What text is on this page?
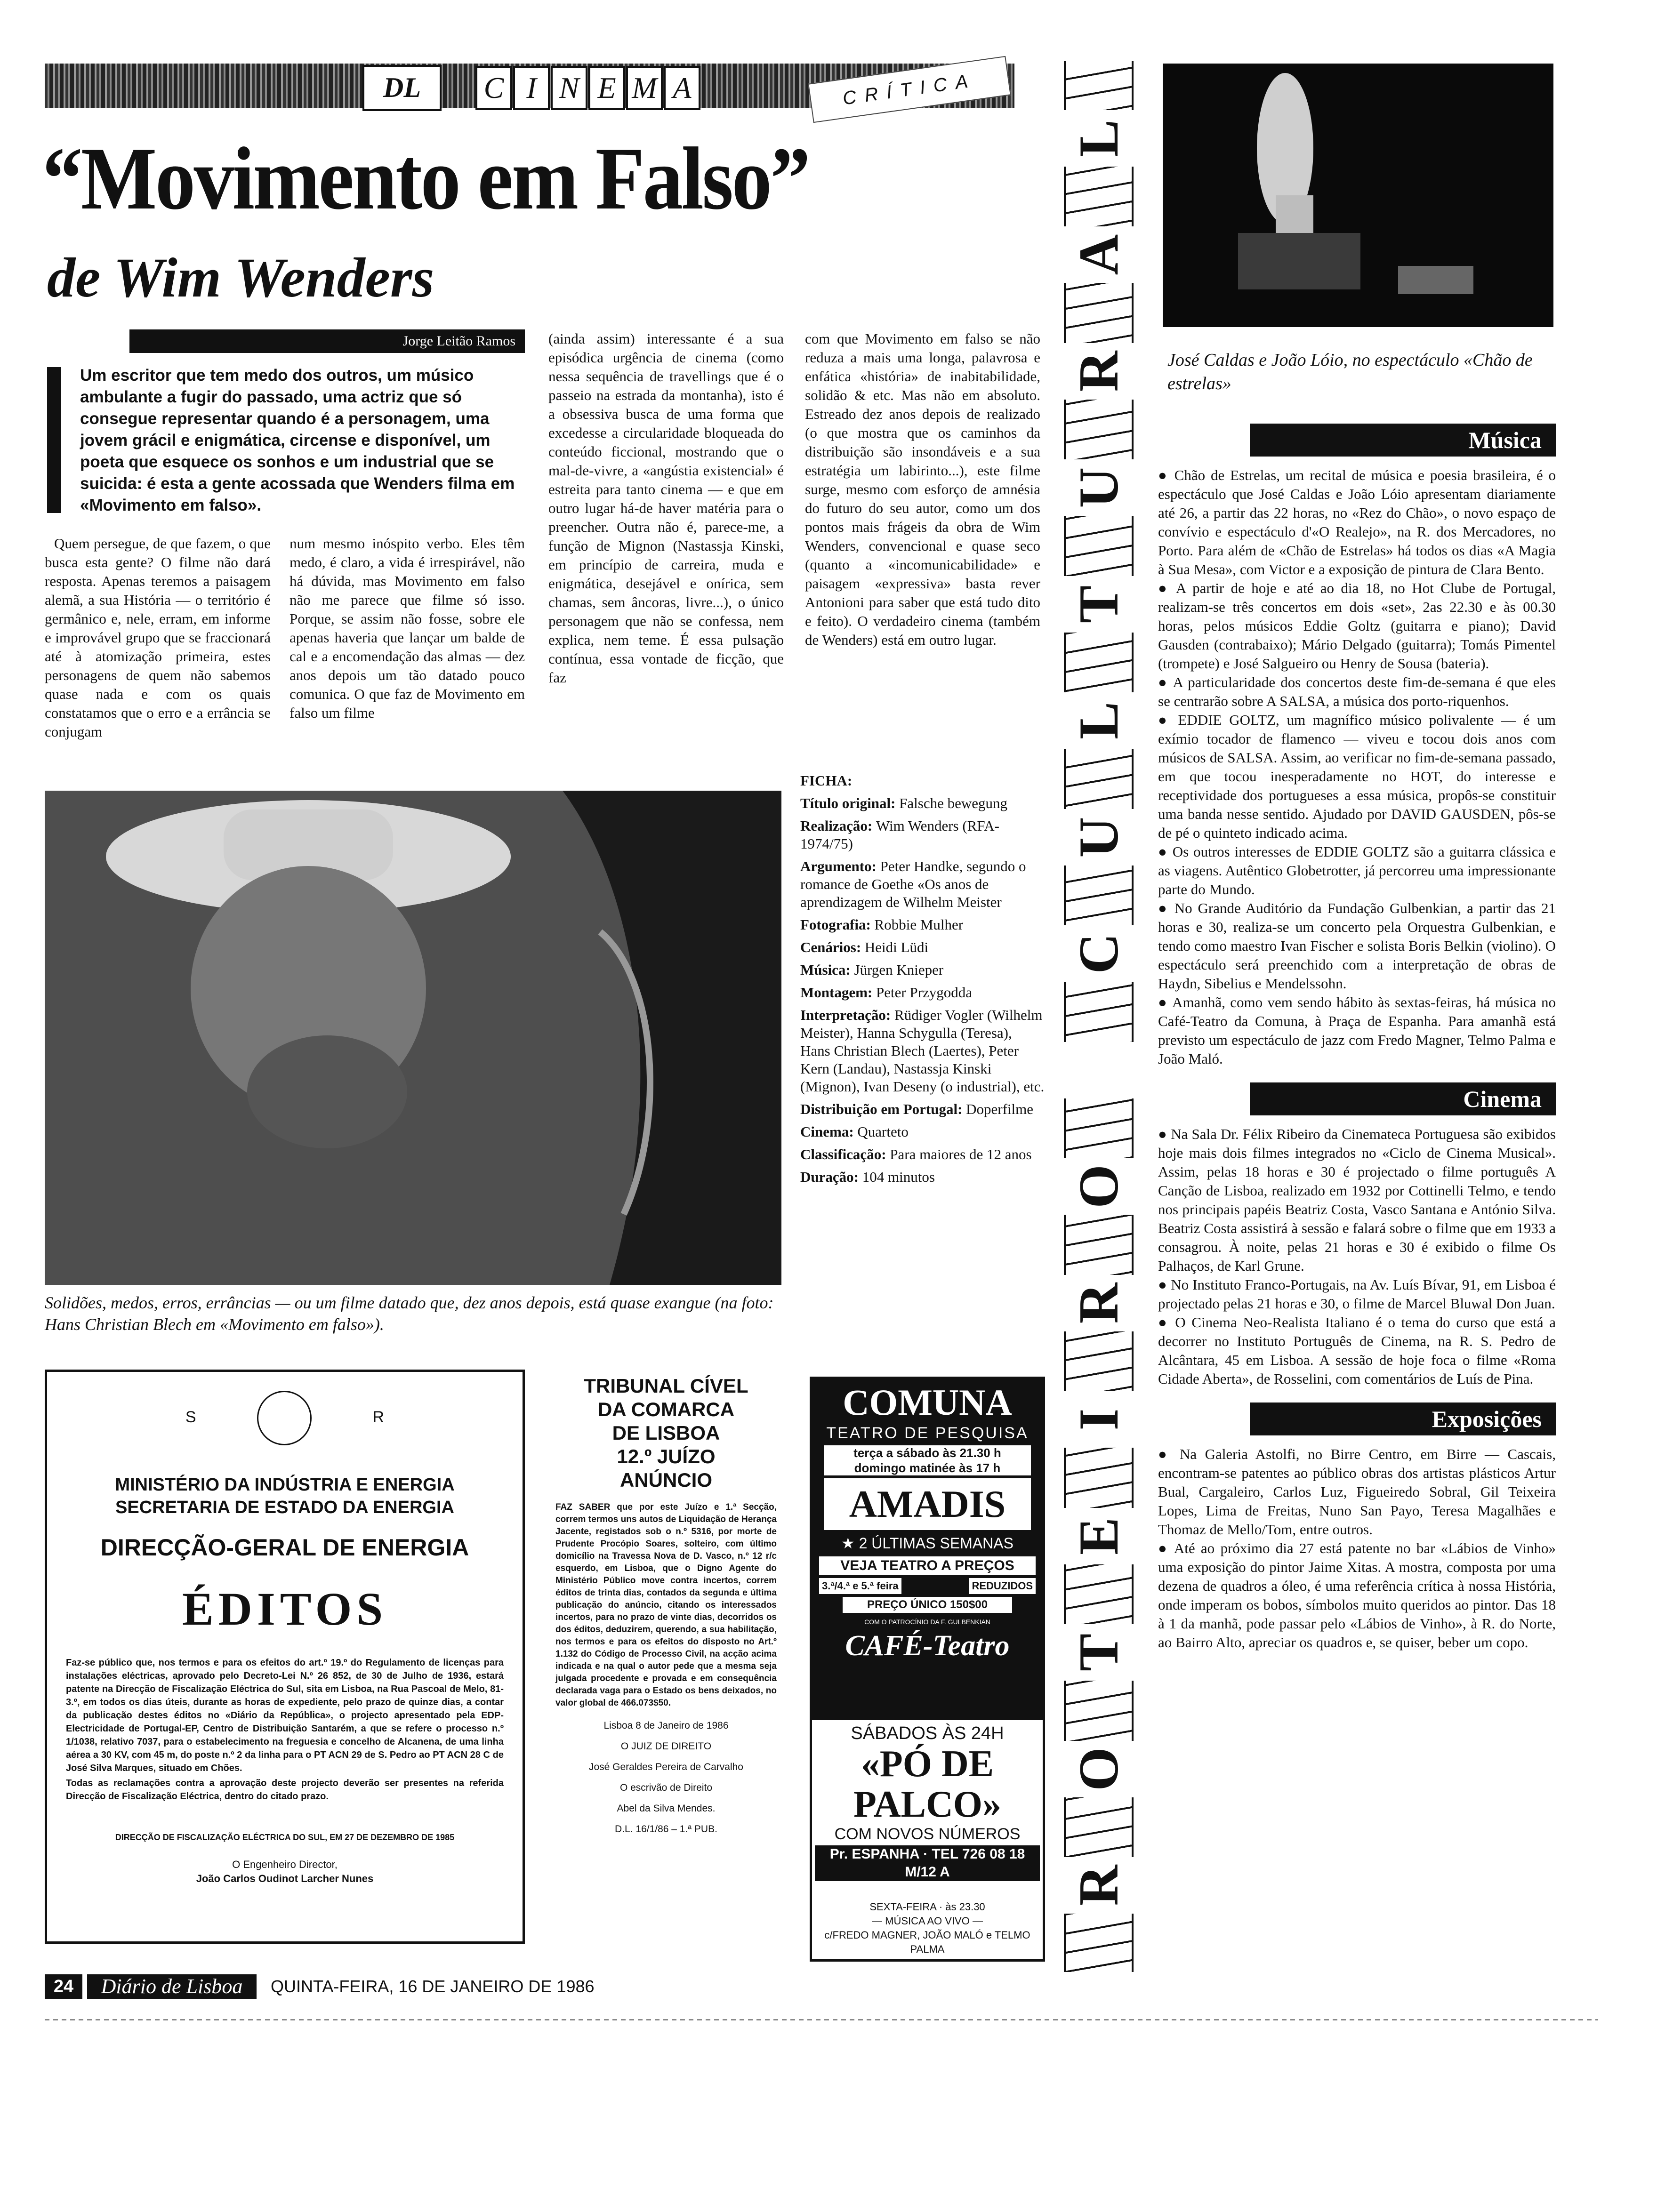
DL	C I N E M A	CRÍTICA
“Movimento em Falso”
de Wim Wenders
Jorge Leitão Ramos
Um escritor que tem medo dos outros, um músico ambulante a fugir do passado, uma actriz que só consegue representar quando é a personagem, uma jovem grácil e enigmática, circense e disponível, um poeta que esquece os sonhos e um industrial que se suicida: é esta a gente acossada que Wenders filma em «Movimento em falso».

Quem persegue, de que fazem, o que busca esta gente? O filme não dará resposta. Apenas teremos a paisagem alemã, a sua História — o território é germânico e, nele, erram, em informe e improvável grupo que se fraccionará até à atomização primeira, estes personagens de quem não sabemos quase nada e com os quais constatamos que o erro e a errância se conjugam

num mesmo inóspito verbo. Eles têm medo, é claro, a vida é irrespirável, não há dúvida, mas Movimento em falso não me parece que filme só isso. Porque, se assim não fosse, sobre ele apenas haveria que lançar um balde de cal e a encomendação das almas — dez anos depois um tão datado pouco comunica. O que faz de Movimento em falso um filme

(ainda assim) interessante é a sua episódica urgência de cinema (como nessa sequência de travellings que é o passeio na estrada da montanha), isto é a obsessiva busca de uma forma que excedesse a circularidade bloqueada do conteúdo ficcional, mostrando que o mal-de-vivre, a «angústia existencial» é estreita para tanto cinema — e que em outro lugar há-de haver matéria para o preencher. Outra não é, parece-me, a função de Mignon (Nastassja Kinski, em princípio de carreira, muda e enigmática, desejável e onírica, sem chamas, sem âncoras, livre...), o único personagem que não se confessa, nem explica, nem teme. É essa pulsação contínua, essa vontade de ficção, que faz

com que Movimento em falso se não reduza a mais uma longa, palavrosa e enfática «história» de inabitabilidade, solidão & etc. Mas não em absoluto. Estreado dez anos depois de realizado (o que mostra que os caminhos da distribuição são insondáveis e a sua estratégia um labirinto...), este filme surge, mesmo com esforço de amnésia do futuro do seu autor, como um dos pontos mais frágeis da obra de Wim Wenders, convencional e quase seco (quanto a «incomunicabilidade» e paisagem «expressiva» basta rever Antonioni para saber que está tudo dito e feito). O verdadeiro cinema (também de Wenders) está em outro lugar.

Solidões, medos, erros, errâncias — ou um filme datado que, dez anos depois, está quase exangue (na foto: Hans Christian Blech em «Movimento em falso»).
FICHA:
Título original: Falsche bewegung
Realização: Wim Wenders (RFA-1974/75)
Argumento: Peter Handke, segundo o romance de Goethe «Os anos de aprendizagem de Wilhelm Meister
Fotografia: Robbie Mulher
Cenários: Heidi Lüdi
Música: Jürgen Knieper
Montagem: Peter Przygodda
Interpretação: Rüdiger Vogler (Wilhelm Meister), Hanna Schygulla (Teresa), Hans Christian Blech (Laertes), Peter Kern (Landau), Nastassja Kinski (Mignon), Ivan Deseny (o industrial), etc.
Distribuição em Portugal: Doperfilme
Cinema: Quarteto
Classificação: Para maiores de 12 anos
Duração: 104 minutos
S	R
MINISTÉRIO DA INDÚSTRIA E ENERGIA
SECRETARIA DE ESTADO DA ENERGIA
DIRECÇÃO-GERAL DE ENERGIA
ÉDITOS
Faz-se público que, nos termos e para os efeitos do art.º 19.º do Regulamento de licenças para instalações eléctricas, aprovado pelo Decreto-Lei N.º 26 852, de 30 de Julho de 1936, estará patente na Direcção de Fiscalização Eléctrica do Sul, sita em Lisboa, na Rua Pascoal de Melo, 81-3.º, em todos os dias úteis, durante as horas de expediente, pelo prazo de quinze dias, a contar da publicação destes éditos no «Diário da República», o projecto apresentado pela EDP-Electricidade de Portugal-EP, Centro de Distribuição Santarém, a que se refere o processo n.º 1/1038, relativo 7037, para o estabelecimento na freguesia e concelho de Alcanena, de uma linha aérea a 30 KV, com 45 m, do poste n.º 2 da linha para o PT ACN 29 de S. Pedro ao PT ACN 28 C de José Silva Marques, situado em Chões.
Todas as reclamações contra a aprovação deste projecto deverão ser presentes na referida Direcção de Fiscalização Eléctrica, dentro do citado prazo.
DIRECÇÃO DE FISCALIZAÇÃO ELÉCTRICA DO SUL, EM 27 DE DEZEMBRO DE 1985
O Engenheiro Director,
João Carlos Oudinot Larcher Nunes
TRIBUNAL CÍVEL
DA COMARCA
DE LISBOA
12.º JUÍZO
ANÚNCIO
FAZ SABER que por este Juízo e 1.ª Secção, correm termos uns autos de Liquidação de Herança Jacente, registados sob o n.º 5316, por morte de Prudente Procópio Soares, solteiro, com último domicílio na Travessa Nova de D. Vasco, n.º 12 r/c esquerdo, em Lisboa, que o Digno Agente do Ministério Público move contra incertos, correm éditos de trinta dias, contados da segunda e última publicação do anúncio, citando os interessados incertos, para no prazo de vinte dias, decorridos os dos éditos, deduzirem, querendo, a sua habilitação, nos termos e para os efeitos do disposto no Art.º 1.132 do Código de Processo Civil, na acção acima indicada e na qual o autor pede que a mesma seja julgada procedente e provada e em consequência declarada vaga para o Estado os bens deixados, no valor global de 466.073$50.
Lisboa 8 de Janeiro de 1986
O JUIZ DE DIREITO
José Geraldes Pereira de Carvalho
O escrivão de Direito
Abel da Silva Mendes.
D.L. 16/1/86 – 1.ª PUB.
COMUNA
TEATRO DE PESQUISA
terça a sábado às 21.30 h
domingo matinée às 17 h
AMADIS
★ 2 ÚLTIMAS SEMANAS
VEJA TEATRO A PREÇOS
3.ª/4.ª e 5.ª feira	REDUZIDOS
PREÇO ÚNICO 150$00
COM O PATROCÍNIO DA F. GULBENKIAN
CAFÉ-Teatro
SÁBADOS ÀS 24H
«PÓ DE PALCO»
COM NOVOS NÚMEROS
Pr. ESPANHA · TEL 726 08 18
M/12 A
SEXTA-FEIRA · às 23.30
— MÚSICA AO VIVO —
c/FREDO MAGNER, JOÃO MALÓ e TELMO PALMA
R
O
T
E
I
R
O
C
U
L
T
U
R
A
L
José Caldas e João Lóio, no espectáculo «Chão de estrelas»
Música

● Chão de Estrelas, um recital de música e poesia brasileira, é o espectáculo que José Caldas e João Lóio apresentam diariamente até 26, a partir das 22 horas, no «Rez do Chão», o novo espaço de convívio e espectáculo d'«O Realejo», na R. dos Mercadores, no Porto. Para além de «Chão de Estrelas» há todos os dias «A Magia à Sua Mesa», com Victor e a exposição de pintura de Clara Bento.

● A partir de hoje e até ao dia 18, no Hot Clube de Portugal, realizam-se três concertos em dois «set», 2as 22.30 e às 00.30 horas, pelos músicos Eddie Goltz (guitarra e piano); David Gausden (contrabaixo); Mário Delgado (guitarra); Tomás Pimentel (trompete) e José Salgueiro ou Henry de Sousa (bateria).

● A particularidade dos concertos deste fim-de-semana é que eles se centrarão sobre A SALSA, a música dos porto-riquenhos.

● EDDIE GOLTZ, um magnífico músico polivalente — é um exímio tocador de flamenco — viveu e tocou dois anos com músicos de SALSA. Assim, ao verificar no fim-de-semana passado, em que tocou inesperadamente no HOT, do interesse e receptividade dos portugueses a essa música, propôs-se constituir uma banda nesse sentido. Ajudado por DAVID GAUSDEN, pôs-se de pé o quinteto indicado acima.

● Os outros interesses de EDDIE GOLTZ são a guitarra clássica e as viagens. Autêntico Globetrotter, já percorreu uma impressionante parte do Mundo.

● No Grande Auditório da Fundação Gulbenkian, a partir das 21 horas e 30, realiza-se um concerto pela Orquestra Gulbenkian, e tendo como maestro Ivan Fischer e solista Boris Belkin (violino). O espectáculo será preenchido com a interpretação de obras de Haydn, Sibelius e Mendelssohn.

● Amanhã, como vem sendo hábito às sextas-feiras, há música no Café-Teatro da Comuna, à Praça de Espanha. Para amanhã está previsto um espectáculo de jazz com Fredo Magner, Telmo Palma e João Maló.

Cinema

● Na Sala Dr. Félix Ribeiro da Cinemateca Portuguesa são exibidos hoje mais dois filmes integrados no «Ciclo de Cinema Musical». Assim, pelas 18 horas e 30 é projectado o filme português A Canção de Lisboa, realizado em 1932 por Cottinelli Telmo, e tendo nos principais papéis Beatriz Costa, Vasco Santana e António Silva. Beatriz Costa assistirá à sessão e falará sobre o filme que em 1933 a consagrou. À noite, pelas 21 horas e 30 é exibido o filme Os Palhaços, de Karl Grune.

● No Instituto Franco-Portugais, na Av. Luís Bívar, 91, em Lisboa é projectado pelas 21 horas e 30, o filme de Marcel Bluwal Don Juan.

● O Cinema Neo-Realista Italiano é o tema do curso que está a decorrer no Instituto Português de Cinema, na R. S. Pedro de Alcântara, 45 em Lisboa. A sessão de hoje foca o filme «Roma Cidade Aberta», de Rosselini, com comentários de Luís de Pina.

Exposições

● Na Galeria Astolfi, no Birre Centro, em Birre — Cascais, encontram-se patentes ao público obras dos artistas plásticos Artur Bual, Cargaleiro, Carlos Luz, Figueiredo Sobral, Gil Teixeira Lopes, Lima de Freitas, Nuno San Payo, Teresa Magalhães e Thomaz de Mello/Tom, entre outros.

● Até ao próximo dia 27 está patente no bar «Lábios de Vinho» uma exposição do pintor Jaime Xitas. A mostra, composta por uma dezena de quadros a óleo, é uma referência crítica à nossa História, onde imperam os bobos, símbolos muito queridos ao pintor. Das 18 à 1 da manhã, pode passar pelo «Lábios de Vinho», à R. do Norte, ao Bairro Alto, apreciar os quadros e, se quiser, beber um copo.

24	Diário de Lisboa	QUINTA-FEIRA, 16 DE JANEIRO DE 1986
